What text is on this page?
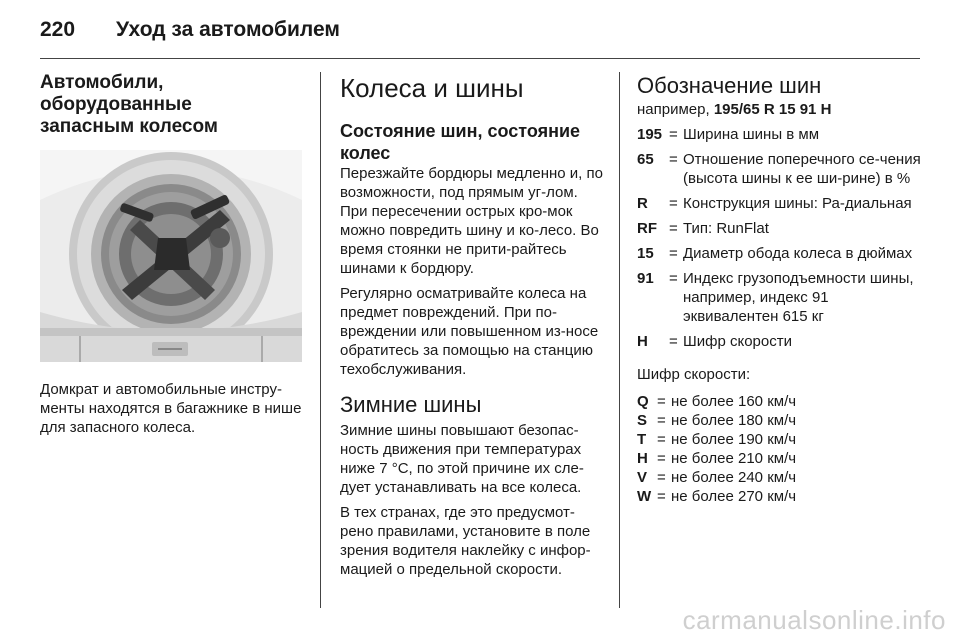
220 Уход за автомобилем
Автомобили, оборудованные
запасным колесом

Домкрат и автомобильные инстру-менты находятся в багажнике в нише для запасного колеса.

Колеса и шины
Состояние шин, состояние колес

Перезжайте бордюры медленно и, по возможности, под прямым уг-лом. При пересечении острых кро-мок можно повредить шину и ко-лесо. Во время стоянки не прити-райтесь шинами к бордюру.

Регулярно осматривайте колеса на предмет повреждений. При по-вреждении или повышенном из-носе обратитесь за помощью на станцию техобслуживания.

Зимние шины

Зимние шины повышают безопас-ность движения при температурах ниже 7 °С, по этой причине их сле-дует устанавливать на все колеса.

В тех странах, где это предусмот-рено правилами, установите в поле зрения водителя наклейку с инфор-мацией о предельной скорости.

Обозначение шин
например, 195/65 R 15 91 H
195 = Ширина шины в мм
65	= Отношение поперечного се-чения (высота шины к ее ши-рине) в %
R	= Конструкция шины: Ра-диальная
RF = Тип: RunFlat
15	= Диаметр обода колеса в дюймах
91	= Индекс грузоподъемности шины, например, индекс 91 эквивалентен 615 кг
H	= Шифр скорости
Шифр скорости:
Q = не более 160 км/ч
S = не более 180 км/ч
T = не более 190 км/ч
H = не более 210 км/ч
V = не более 240 км/ч
W = не более 270 км/ч
carmanualsonline.info
